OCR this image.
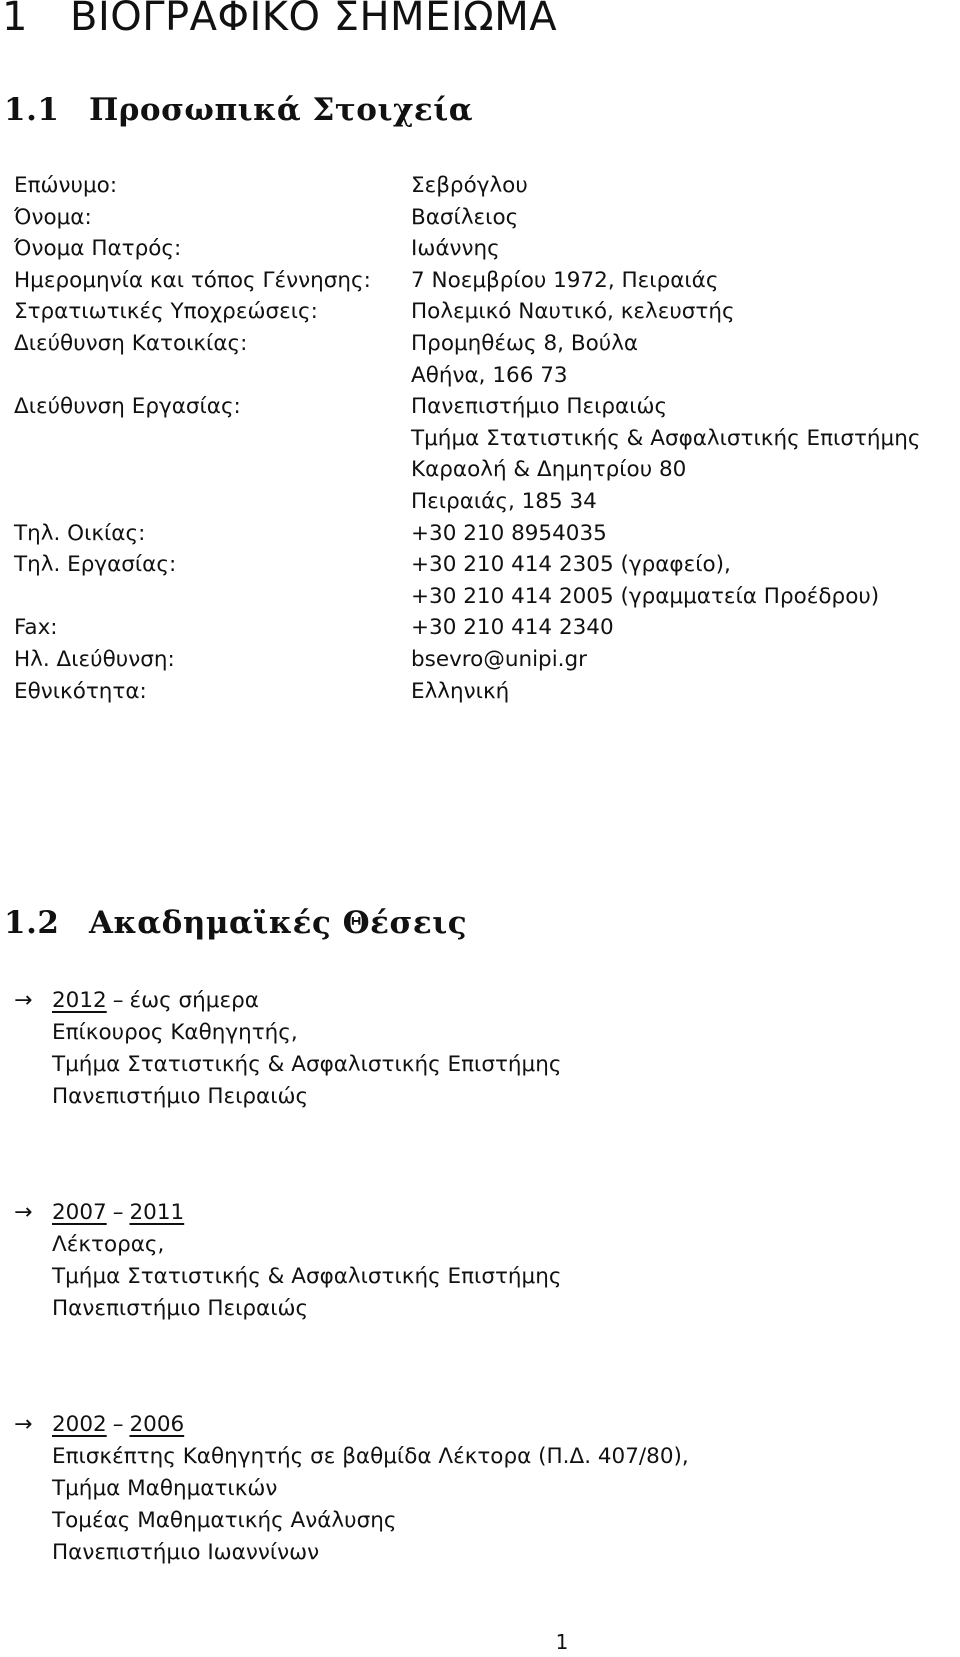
1 ΒΙΟΓΡΑΦΙΚΟ ΣΗΜΕΙΩΜΑ
1.1 Προσωπικά Στοιχεία
Επώνυμο:	Σεβρόγλου
Όνομα:	Βασίλειος
Όνομα Πατρός:	Ιωάννης
Ημερομηνία και τόπος Γέννησης:	7 Νοεμβρίου 1972, Πειραιάς
Στρατιωτικές Υποχρεώσεις:	Πολεμικό Ναυτικό, κελευστής
Διεύθυνση Κατοικίας:	Προμηθέως 8, Βούλα
Αθήνα, 166 73
Διεύθυνση Εργασίας:	Πανεπιστήμιο Πειραιώς
Τμήμα Στατιστικής & Ασφαλιστικής Επιστήμης
Καραολή & Δημητρίου 80
Πειραιάς, 185 34
Τηλ. Οικίας:	+30 210 8954035
Τηλ. Εργασίας:	+30 210 414 2305 (γραφείο),
+30 210 414 2005 (γραμματεία Προέδρου)
Fax:	+30 210 414 2340
Ηλ. Διεύθυνση:	bsevro@unipi.gr
Εθνικότητα:	Ελληνική
1.2 Ακαδημαϊκές Θέσεις
→ 2012 – έως σήμερα
Επίκουρος Καθηγητής,
Τμήμα Στατιστικής & Ασφαλιστικής Επιστήμης
Πανεπιστήμιο Πειραιώς
→ 2007 – 2011
Λέκτορας,
Τμήμα Στατιστικής & Ασφαλιστικής Επιστήμης
Πανεπιστήμιο Πειραιώς
→ 2002 – 2006
Επισκέπτης Καθηγητής σε βαθμίδα Λέκτορα (Π.Δ. 407/80),
Τμήμα Μαθηματικών
Τομέας Μαθηματικής Ανάλυσης
Πανεπιστήμιο Ιωαννίνων
1
